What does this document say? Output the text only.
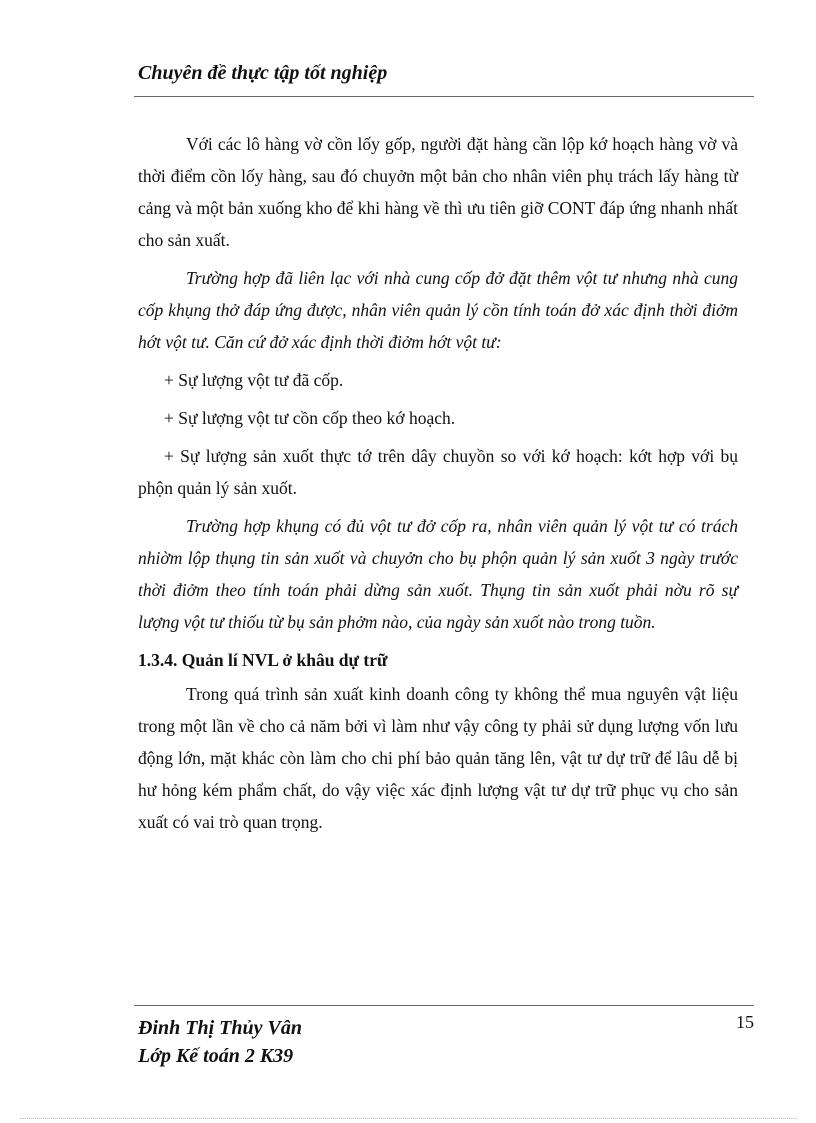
Chuyên đề thực tập tốt nghiệp

Với các lô hàng vờ cồn lốy gốp, người đặt hàng cần lộp kớ hoạch hàng vờ và thời điểm cồn lốy hàng, sau đó chuyởn một bản cho nhân viên phụ trách lấy hàng từ cảng và một bản xuống kho để khi hàng về thì ưu tiên giỡ CONT đáp ứng nhanh nhất cho sản xuất.

Trường hợp đã liên lạc với nhà cung cốp đở đặt thêm vột tư nhưng nhà cung cốp khụng thở đáp ứng được, nhân viên quản lý cồn tính toán đở xác định thời điởm hớt vột tư. Căn cứ đở xác định thời điởm hớt vột tư:

+ Sự lượng vột tư đã cốp.

+ Sự lượng vột tư cồn cốp theo kớ hoạch.

+ Sự lượng sản xuốt thực tớ trên dây chuyồn so với kớ hoạch: kớt hợp với bụ phộn quản lý sản xuốt.

Trường hợp khụng có đủ vột tư đở cốp ra, nhân viên quản lý vột tư có trách nhiờm lộp thụng tin sản xuốt và chuyởn cho bụ phộn quản lý sản xuốt 3 ngày trước thời điởm theo tính toán phải dừng sản xuốt. Thụng tin sản xuốt phải nờu rõ sự lượng vột tư thiốu từ bụ sản phởm nào, của ngày sản xuốt nào trong tuồn.

1.3.4. Quản lí NVL ở khâu dự trữ

Trong quá trình sản xuất kinh doanh công ty không thể mua nguyên vật liệu trong một lần về cho cả năm bởi vì làm như vậy công ty phải sử dụng lượng vốn lưu động lớn, mặt khác còn làm cho chi phí bảo quản tăng lên, vật tư dự trữ để lâu dễ bị hư hỏng kém phẩm chất, do vậy việc xác định lượng vật tư dự trữ phục vụ cho sản xuất có vai trò quan trọng.

Đinh Thị Thủy Vân
Lớp Kế toán 2 K39
15
